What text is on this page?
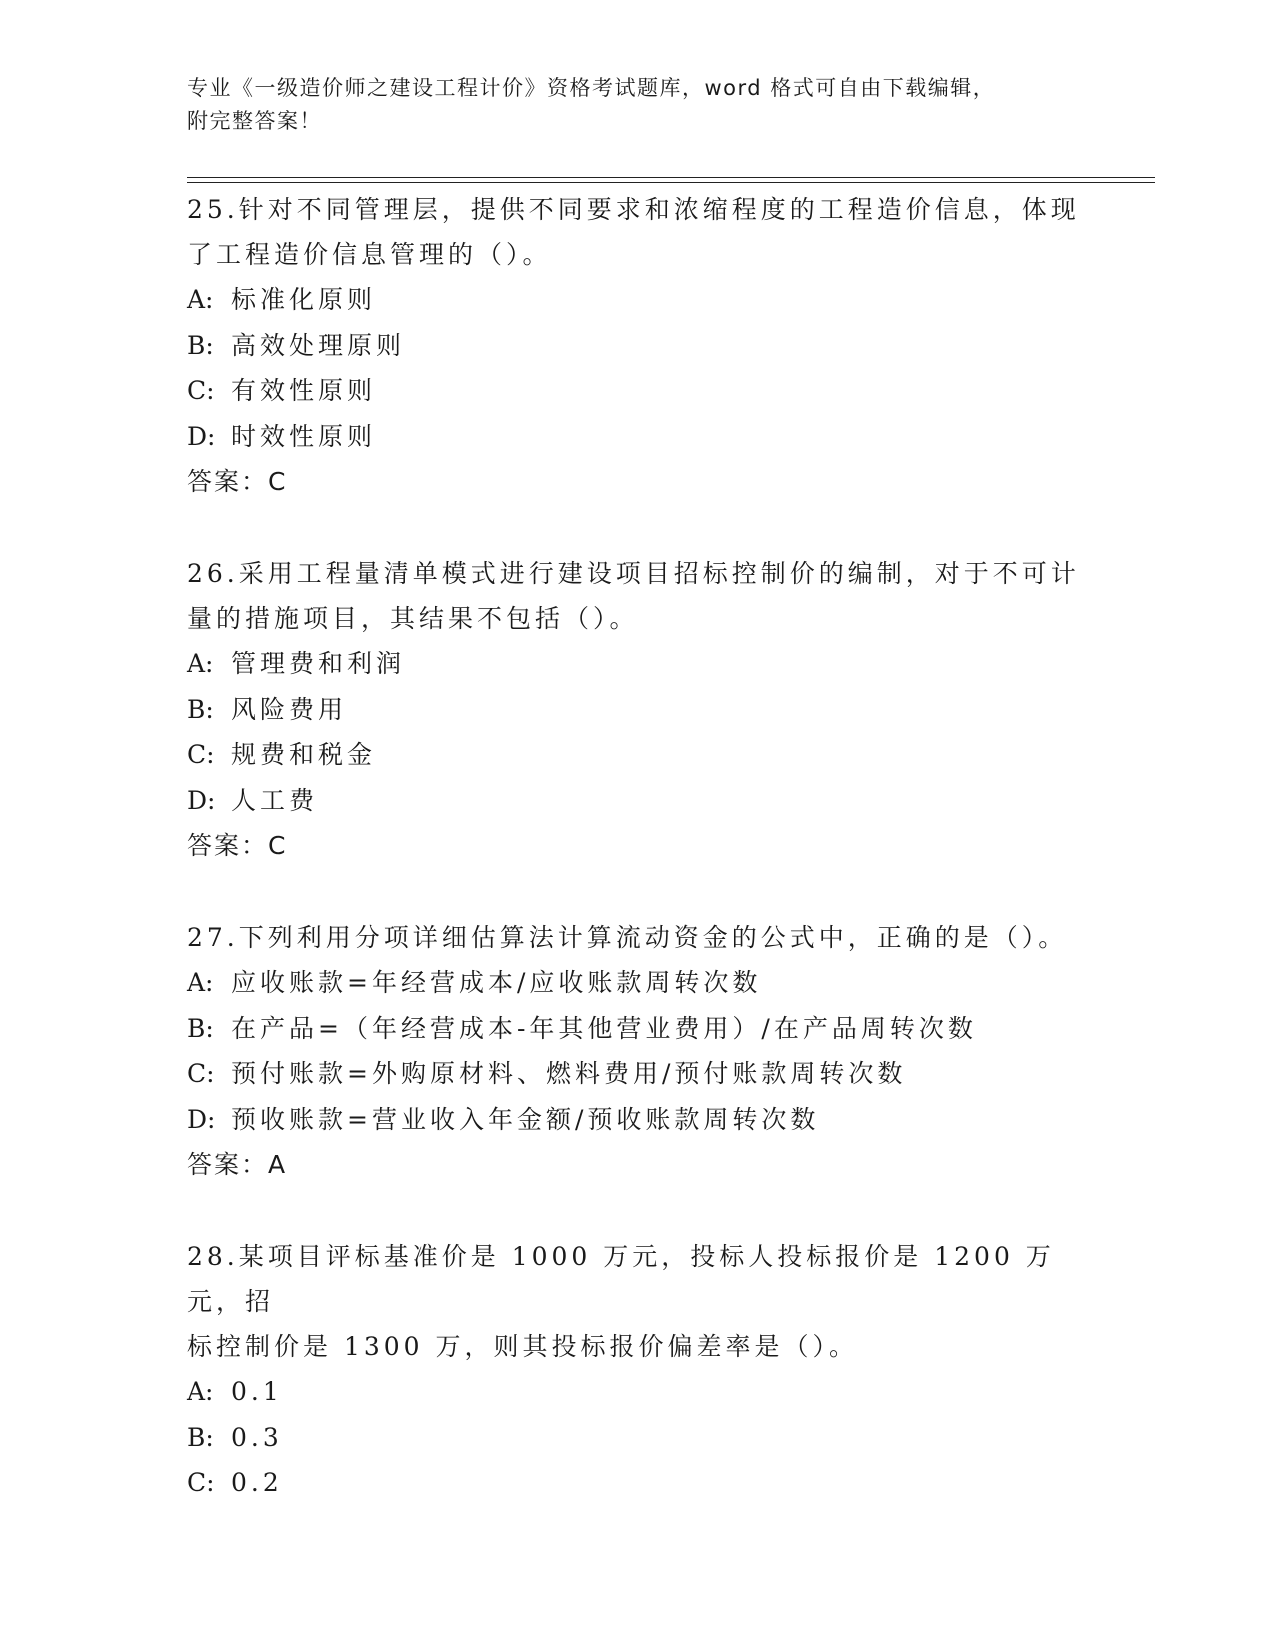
专业《一级造价师之建设工程计价》资格考试题库，word 格式可自由下载编辑，
附完整答案！

25.针对不同管理层，提供不同要求和浓缩程度的工程造价信息，体现

了工程造价信息管理的（）。

A: 标准化原则

B: 高效处理原则

C: 有效性原则

D: 时效性原则

答案：C

26.采用工程量清单模式进行建设项目招标控制价的编制，对于不可计

量的措施项目，其结果不包括（）。

A: 管理费和利润

B: 风险费用

C: 规费和税金

D: 人工费

答案：C

27.下列利用分项详细估算法计算流动资金的公式中，正确的是（）。

A: 应收账款=年经营成本/应收账款周转次数

B: 在产品=（年经营成本-年其他营业费用）/在产品周转次数

C: 预付账款=外购原材料、燃料费用/预付账款周转次数

D: 预收账款=营业收入年金额/预收账款周转次数

答案：A

28.某项目评标基准价是 1000 万元，投标人投标报价是 1200 万元，招

标控制价是 1300 万，则其投标报价偏差率是（）。

A: 0.1

B: 0.3

C: 0.2
